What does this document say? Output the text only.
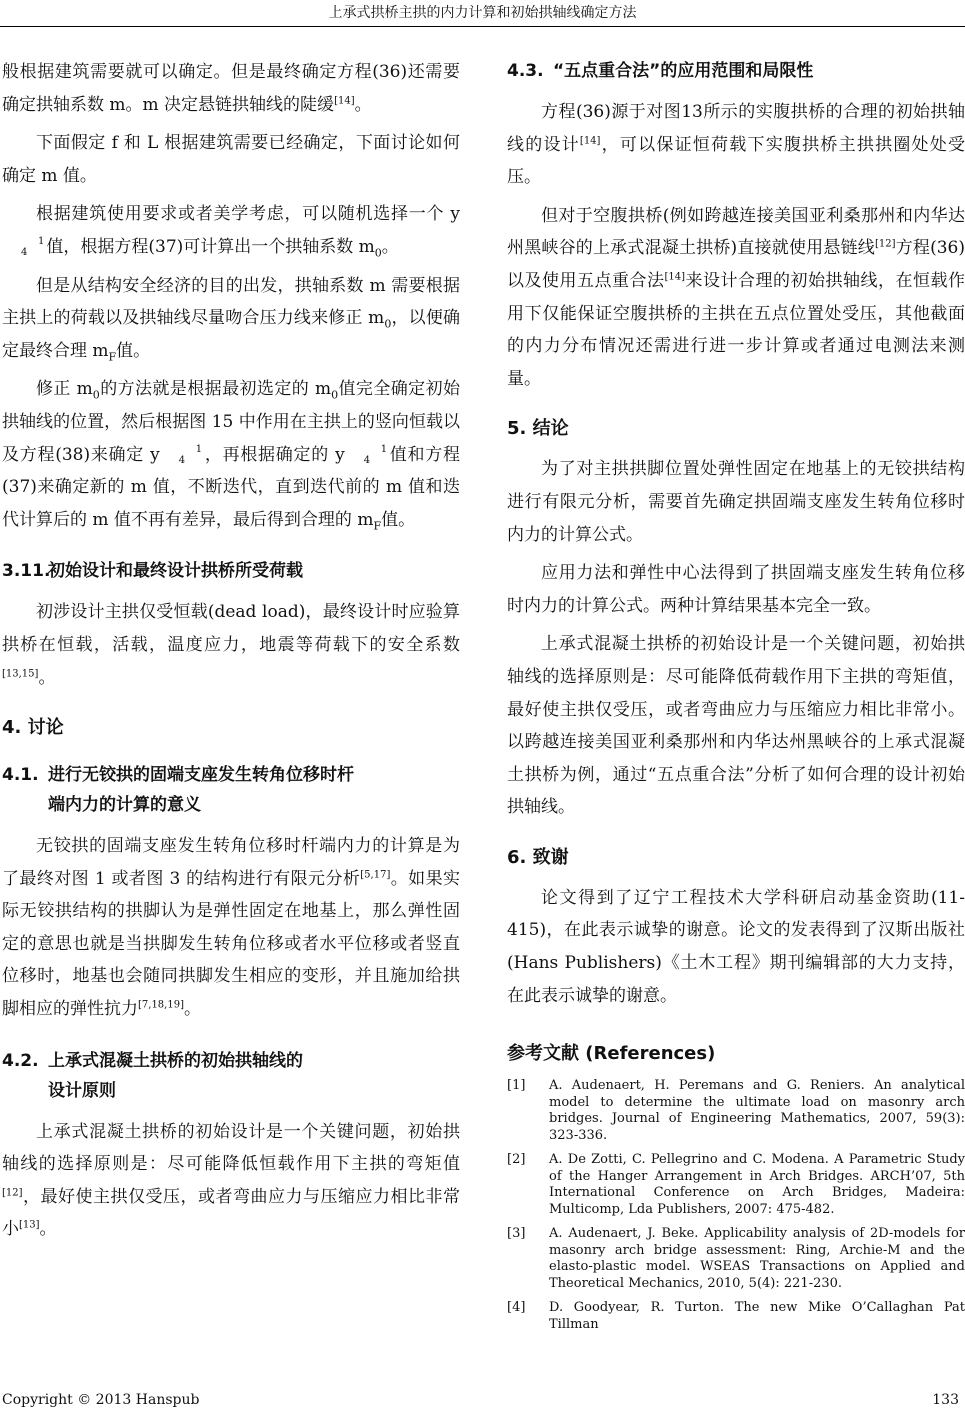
上承式拱桥主拱的内力计算和初始拱轴线确定方法

般根据建筑需要就可以确定。但是最终确定方程(36)还需要确定拱轴系数 m。m 决定悬链拱轴线的陡缓[14]。

下面假定 f 和 L 根据建筑需要已经确定，下面讨论如何确定 m 值。

根据建筑使用要求或者美学考虑，可以随机选择一个 y1
4 值，根据方程(37)可计算出一个拱轴系数 $m_0$。

但是从结构安全经济的目的出发，拱轴系数 m 需要根据主拱上的荷载以及拱轴线尽量吻合压力线来修正 $m_0$，以便确定最终合理 $m_F$值。

修正 $m_0$的方法就是根据最初选定的 $m_0$值完全确定初始拱轴线的位置，然后根据图 15 中作用在主拱上的竖向恒载以及方程(38)来确定 y	1
4 ，再根据确定的 y	1
4 值和方程(37)来确定新的 m 值，不断迭代，直到迭代前的 m 值和迭代计算后的 m 值不再有差异，最后得到合理的 $m_F$值。

3.11.初始设计和最终设计拱桥所受荷载

初涉设计主拱仅受恒载(dead load)，最终设计时应验算拱桥在恒载，活载，温度应力，地震等荷载下的安全系数[13,15]。

4. 讨论
4.1. 进行无铰拱的固端支座发生转角位移时杆
端内力的计算的意义

无铰拱的固端支座发生转角位移时杆端内力的计算是为了最终对图 1 或者图 3 的结构进行有限元分析[5,17]。如果实际无铰拱结构的拱脚认为是弹性固定在地基上，那么弹性固定的意思也就是当拱脚发生转角位移或者水平位移或者竖直位移时，地基也会随同拱脚发生相应的变形，并且施加给拱脚相应的弹性抗力[7,18,19]。

4.2. 上承式混凝土拱桥的初始拱轴线的
设计原则

上承式混凝土拱桥的初始设计是一个关键问题，初始拱轴线的选择原则是：尽可能降低恒载作用下主拱的弯矩值[12]，最好使主拱仅受压，或者弯曲应力与压缩应力相比非常小[13]。

4.3. “五点重合法”的应用范围和局限性

方程(36)源于对图13所示的实腹拱桥的合理的初始拱轴线的设计[14]，可以保证恒荷载下实腹拱桥主拱拱圈处处受压。

但对于空腹拱桥(例如跨越连接美国亚利桑那州和内华达州黑峡谷的上承式混凝土拱桥)直接就使用悬链线[12]方程(36)以及使用五点重合法[14]来设计合理的初始拱轴线，在恒载作用下仅能保证空腹拱桥的主拱在五点位置处受压，其他截面的内力分布情况还需进行进一步计算或者通过电测法来测量。

5. 结论

为了对主拱拱脚位置处弹性固定在地基上的无铰拱结构进行有限元分析，需要首先确定拱固端支座发生转角位移时内力的计算公式。

应用力法和弹性中心法得到了拱固端支座发生转角位移时内力的计算公式。两种计算结果基本完全一致。

上承式混凝土拱桥的初始设计是一个关键问题，初始拱轴线的选择原则是：尽可能降低荷载作用下主拱的弯矩值，最好使主拱仅受压，或者弯曲应力与压缩应力相比非常小。以跨越连接美国亚利桑那州和内华达州黑峡谷的上承式混凝土拱桥为例，通过“五点重合法”分析了如何合理的设计初始拱轴线。

6. 致谢

论文得到了辽宁工程技术大学科研启动基金资助(11-415)，在此表示诚挚的谢意。论文的发表得到了汉斯出版社(Hans Publishers)《土木工程》期刊编辑部的大力支持，在此表示诚挚的谢意。

参考文献 (References)
[1]	A. Audenaert, H. Peremans and G. Reniers. An analytical model to determine the ultimate load on masonry arch bridges. Journal of Engineering Mathematics, 2007, 59(3): 323-336.
[2]	A. De Zotti, C. Pellegrino and C. Modena. A Parametric Study of the Hanger Arrangement in Arch Bridges. ARCH’07, 5th International Conference on Arch Bridges, Madeira: Multicomp, Lda Publishers, 2007: 475-482.
[3]	A. Audenaert, J. Beke. Applicability analysis of 2D-models for masonry arch bridge assessment: Ring, Archie-M and the elasto-plastic model. WSEAS Transactions on Applied and Theoretical Mechanics, 2010, 5(4): 221-230.
[4]	D. Goodyear, R. Turton. The new Mike O’Callaghan Pat Tillman
Copyright © 2013 Hanspub	133
